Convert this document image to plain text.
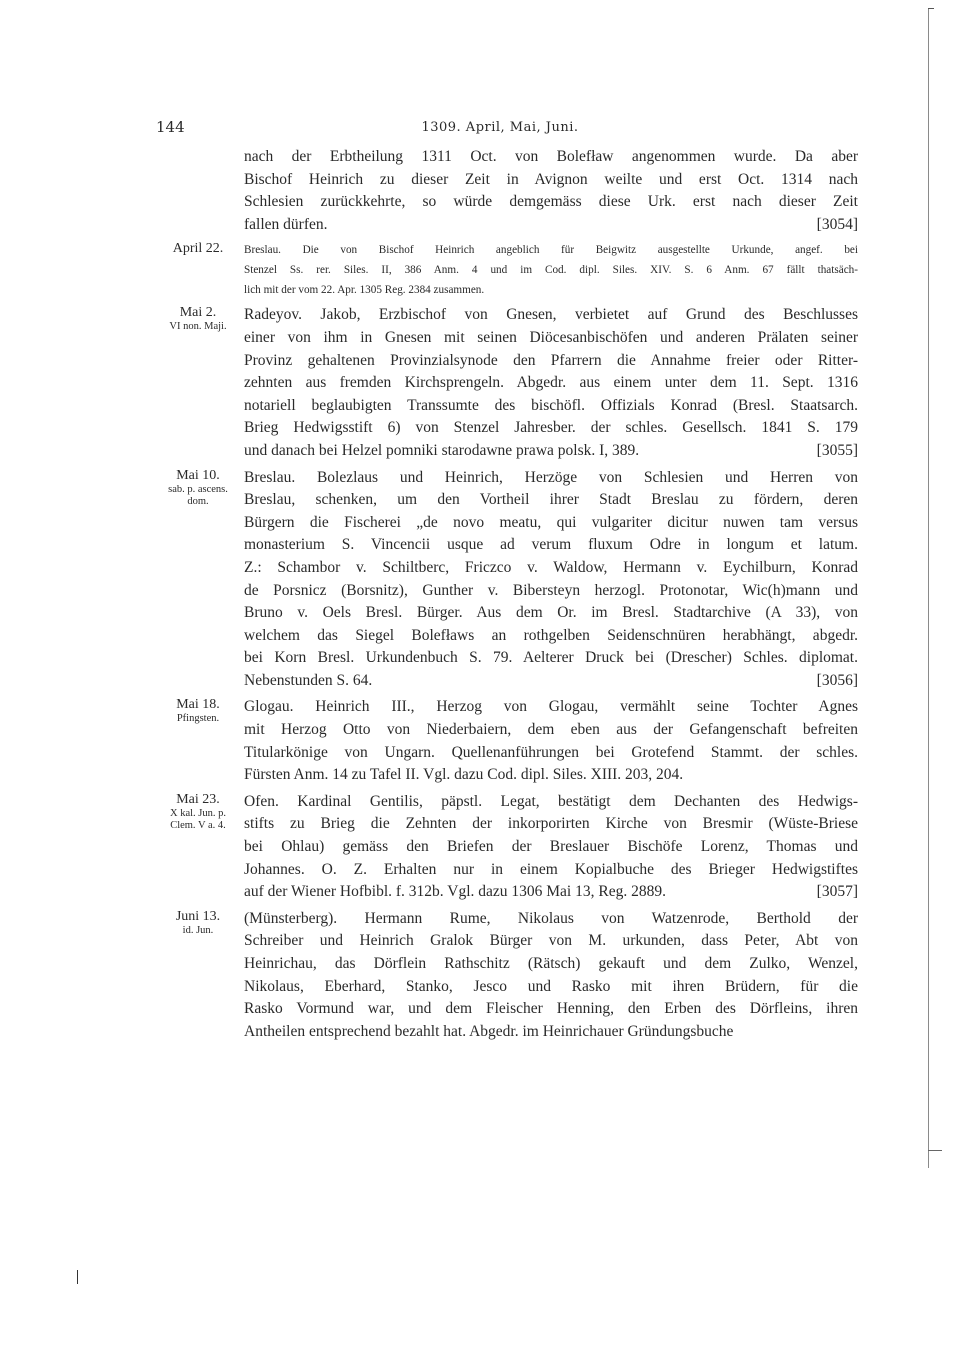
144	1309. April, Mai, Juni.
nach der Erbtheilung 1311 Oct. von Bolefław angenommen wurde. Da aber
Bischof Heinrich zu dieser Zeit in Avignon weilte und erst Oct. 1314 nach
Schlesien zurückkehrte, so würde demgemäss diese Urk. erst nach dieser Zeit
fallen dürfen.	[3054]
April 22.	Breslau. Die von Bischof Heinrich angeblich für Beigwitz ausgestellte Urkunde, angef. bei
Stenzel Ss. rer. Siles. II, 386 Anm. 4 und im Cod. dipl. Siles. XIV. S. 6 Anm. 67 fällt thatsäch-
lich mit der vom 22. Apr. 1305 Reg. 2384 zusammen.
Mai 2.
VI non. Maji.
Radeyov. Jakob, Erzbischof von Gnesen, verbietet auf Grund des Beschlusses
einer von ihm in Gnesen mit seinen Diöcesanbischöfen und anderen Prälaten seiner
Provinz gehaltenen Provinzialsynode den Pfarrern die Annahme freier oder Ritter-
zehnten aus fremden Kirchsprengeln. Abgedr. aus einem unter dem 11. Sept. 1316
notariell beglaubigten Transsumte des bischöfl. Offizials Konrad (Bresl. Staatsarch.
Brieg Hedwigsstift 6) von Stenzel Jahresber. der schles. Gesellsch. 1841 S. 179
und danach bei Helzel pomniki starodawne prawa polsk. I, 389.	[3055]
Mai 10.
sab. p. ascens. dom.
Breslau. Bolezlaus und Heinrich, Herzöge von Schlesien und Herren von
Breslau, schenken, um den Vortheil ihrer Stadt Breslau zu fördern, deren
Bürgern die Fischerei „de novo meatu, qui vulgariter dicitur nuwen tam versus
monasterium S. Vincencii usque ad verum fluxum Odre in longum et latum.
Z.: Schambor v. Schiltberc, Friczco v. Waldow, Hermann v. Eychilburn, Konrad
de Porsnicz (Borsnitz), Gunther v. Bibersteyn herzogl. Protonotar, Wic(h)mann und
Bruno v. Oels Bresl. Bürger. Aus dem Or. im Bresl. Stadtarchive (A 33), von
welchem das Siegel Bolefławs an rothgelben Seidenschnüren herabhängt, abgedr.
bei Korn Bresl. Urkundenbuch S. 79. Aelterer Druck bei (Drescher) Schles. diplomat.
Nebenstunden S. 64.	[3056]
Mai 18.
Pfingsten.
Glogau. Heinrich III., Herzog von Glogau, vermählt seine Tochter Agnes
mit Herzog Otto von Niederbaiern, dem eben aus der Gefangenschaft befreiten
Titularkönige von Ungarn. Quellenanführungen bei Grotefend Stammt. der schles.
Fürsten Anm. 14 zu Tafel II. Vgl. dazu Cod. dipl. Siles. XIII. 203, 204.
Mai 23.
X kal. Jun. p. Clem. V a. 4.
Ofen. Kardinal Gentilis, päpstl. Legat, bestätigt dem Dechanten des Hedwigs-
stifts zu Brieg die Zehnten der inkorporirten Kirche von Bresmir (Wüste-Briese
bei Ohlau) gemäss den Briefen der Breslauer Bischöfe Lorenz, Thomas und
Johannes. O. Z. Erhalten nur in einem Kopialbuche des Brieger Hedwigstiftes
auf der Wiener Hofbibl. f. 312b. Vgl. dazu 1306 Mai 13, Reg. 2889.	[3057]
Juni 13.
id. Jun.
(Münsterberg). Hermann Rume, Nikolaus von Watzenrode, Berthold der
Schreiber und Heinrich Gralok Bürger von M. urkunden, dass Peter, Abt von
Heinrichau, das Dörflein Rathschitz (Rätsch) gekauft und dem Zulko, Wenzel,
Nikolaus, Eberhard, Stanko, Jesco und Rasko mit ihren Brüdern, für die
Rasko Vormund war, und dem Fleischer Henning, den Erben des Dörfleins, ihren
Antheilen entsprechend bezahlt hat. Abgedr. im Heinrichauer Gründungsbuche
